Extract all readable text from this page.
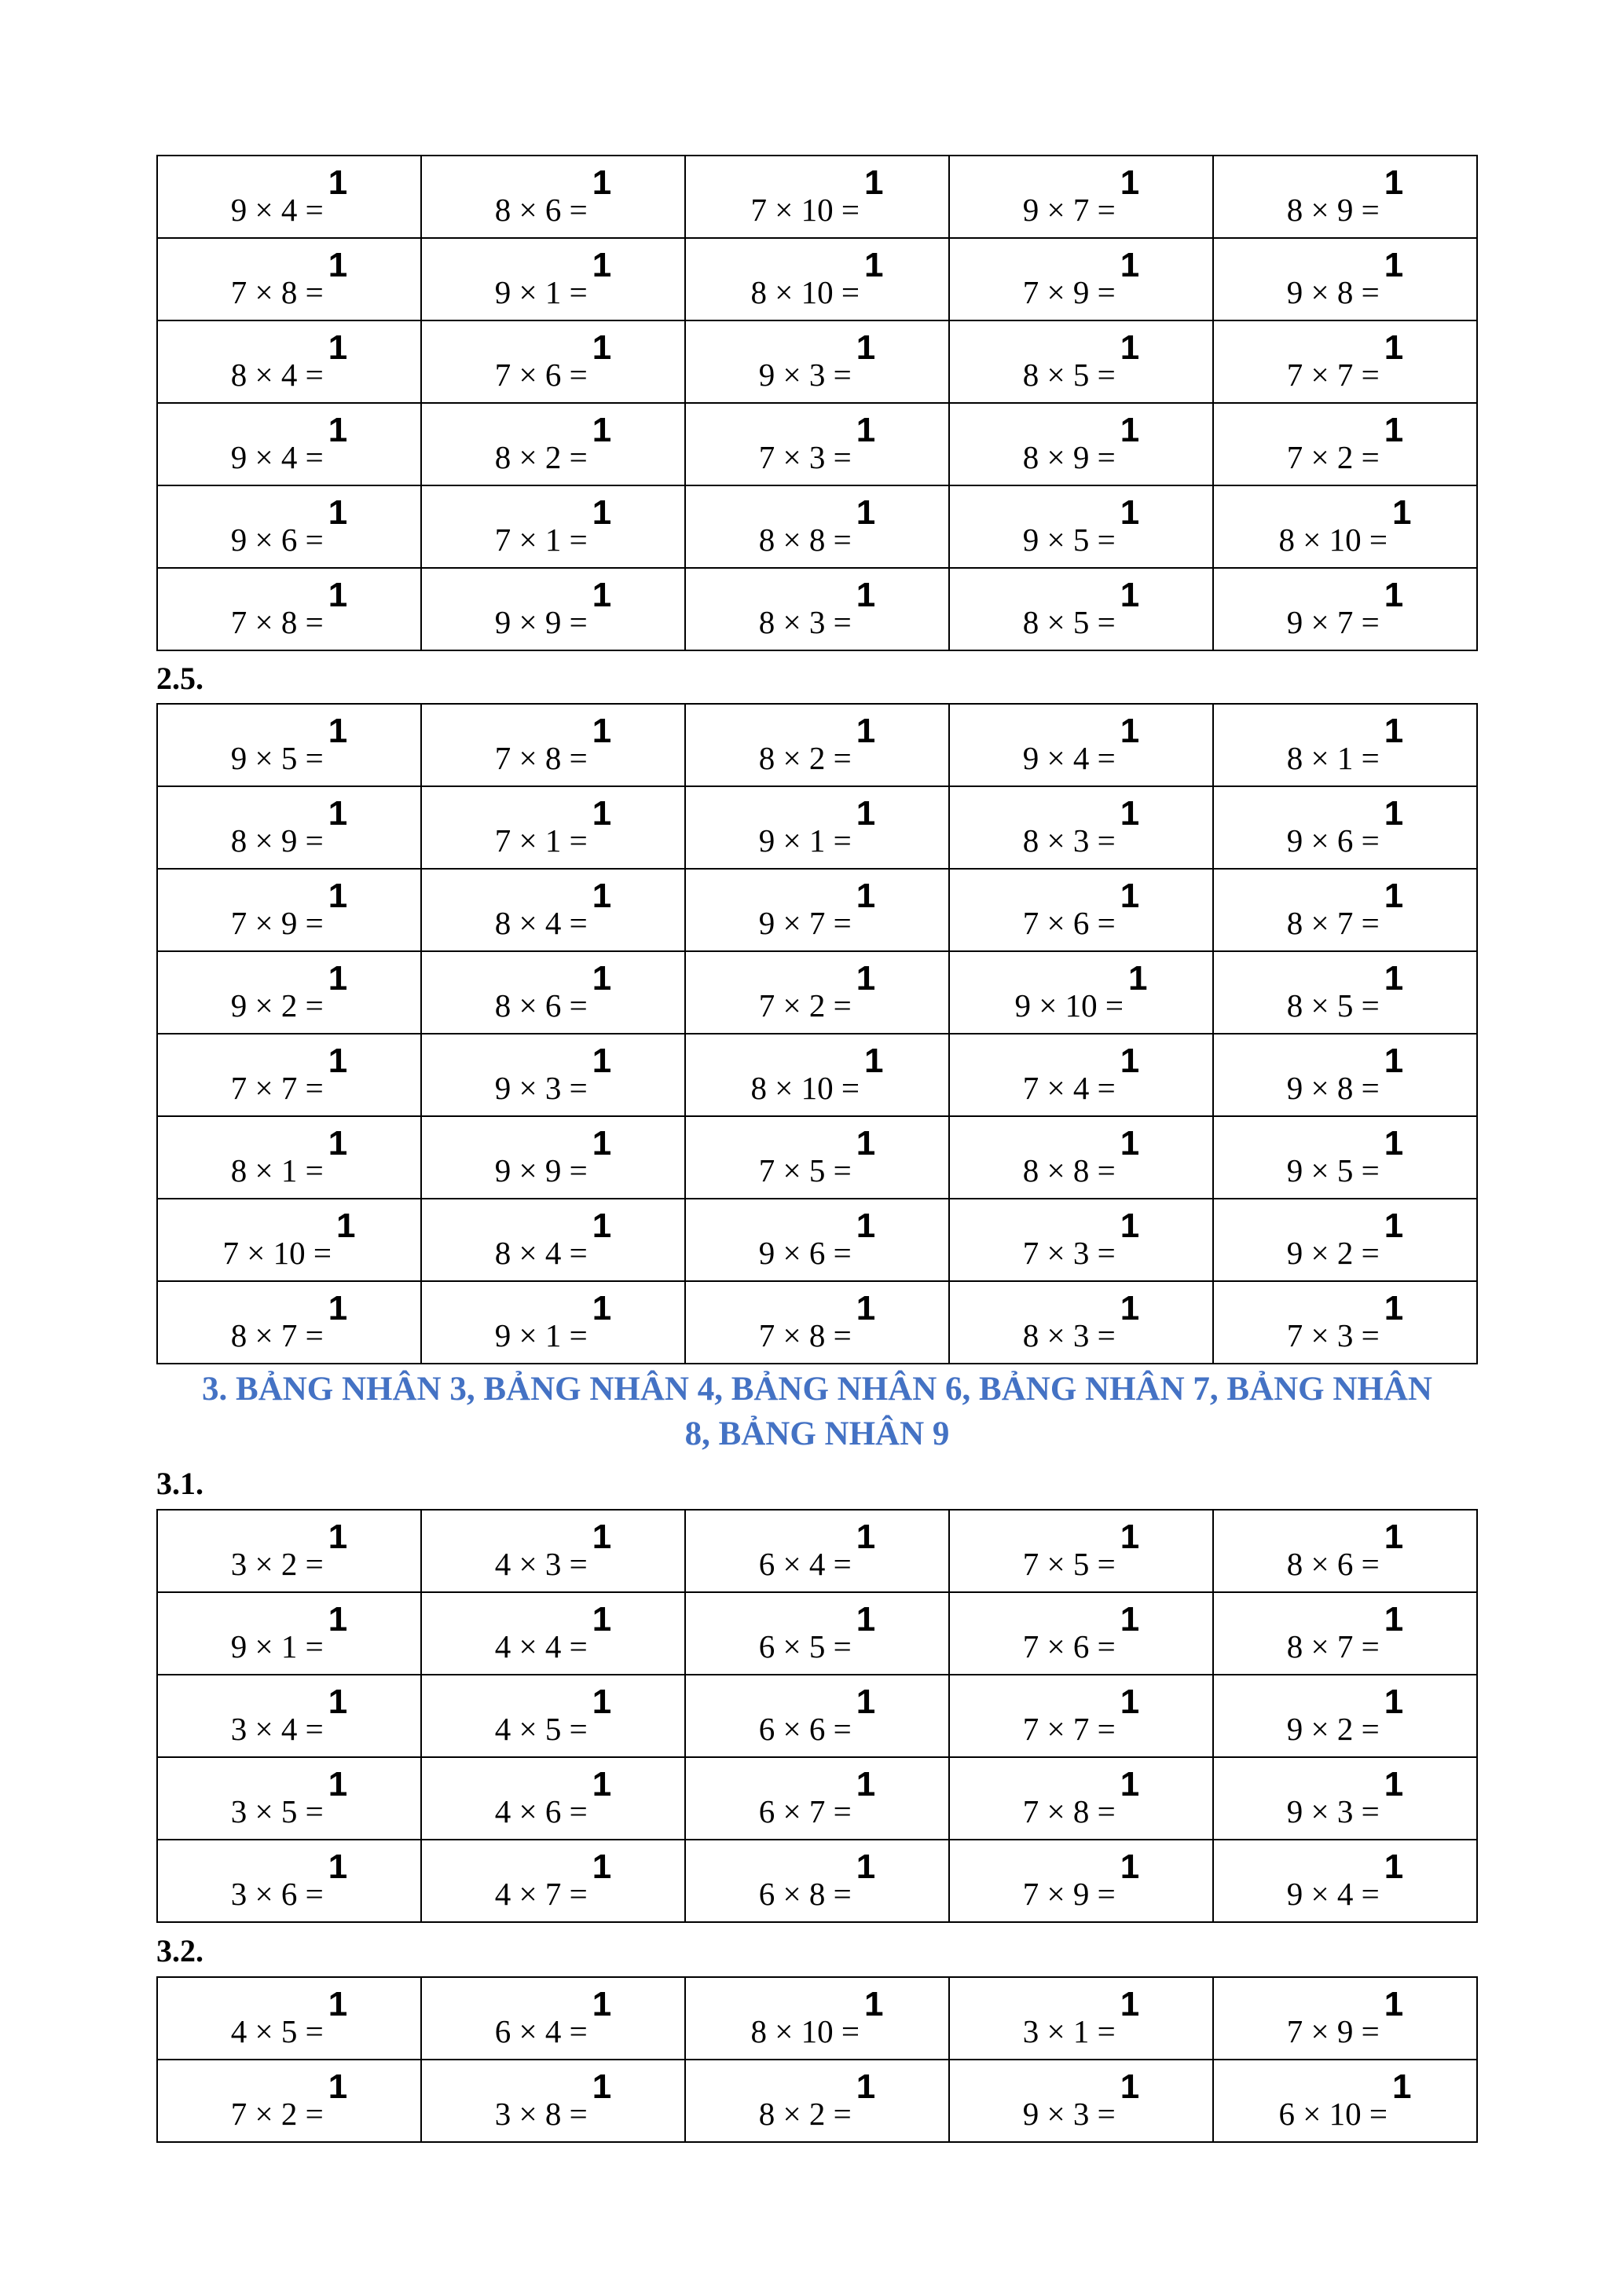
2.5.
3. BẢNG NHÂN 3, BẢNG NHÂN 4, BẢNG NHÂN 6, BẢNG NHÂN 7, BẢNG NHÂN
8, BẢNG NHÂN 9
3.1.
3.2.
9 × 4 =1	8 × 6 =1	7 × 10 =1	9 × 7 =1	8 × 9 =1

7 × 8 =1	9 × 1 =1	8 × 10 =1	7 × 9 =1	9 × 8 =1

8 × 4 =1	7 × 6 =1	9 × 3 =1	8 × 5 =1	7 × 7 =1

9 × 4 =1	8 × 2 =1	7 × 3 =1	8 × 9 =1	7 × 2 =1

9 × 6 =1	7 × 1 =1	8 × 8 =1	9 × 5 =1	8 × 10 =1

7 × 8 =1	9 × 9 =1	8 × 3 =1	8 × 5 =1	9 × 7 =1
9 × 5 =1	7 × 8 =1	8 × 2 =1	9 × 4 =1	8 × 1 =1

8 × 9 =1	7 × 1 =1	9 × 1 =1	8 × 3 =1	9 × 6 =1

7 × 9 =1	8 × 4 =1	9 × 7 =1	7 × 6 =1	8 × 7 =1

9 × 2 =1	8 × 6 =1	7 × 2 =1	9 × 10 =1	8 × 5 =1

7 × 7 =1	9 × 3 =1	8 × 10 =1	7 × 4 =1	9 × 8 =1

8 × 1 =1	9 × 9 =1	7 × 5 =1	8 × 8 =1	9 × 5 =1

7 × 10 =1	8 × 4 =1	9 × 6 =1	7 × 3 =1	9 × 2 =1

8 × 7 =1	9 × 1 =1	7 × 8 =1	8 × 3 =1	7 × 3 =1
3 × 2 =1	4 × 3 =1	6 × 4 =1	7 × 5 =1	8 × 6 =1

9 × 1 =1	4 × 4 =1	6 × 5 =1	7 × 6 =1	8 × 7 =1

3 × 4 =1	4 × 5 =1	6 × 6 =1	7 × 7 =1	9 × 2 =1

3 × 5 =1	4 × 6 =1	6 × 7 =1	7 × 8 =1	9 × 3 =1

3 × 6 =1	4 × 7 =1	6 × 8 =1	7 × 9 =1	9 × 4 =1
4 × 5 =1	6 × 4 =1	8 × 10 =1	3 × 1 =1	7 × 9 =1

7 × 2 =1	3 × 8 =1	8 × 2 =1	9 × 3 =1	6 × 10 =1
